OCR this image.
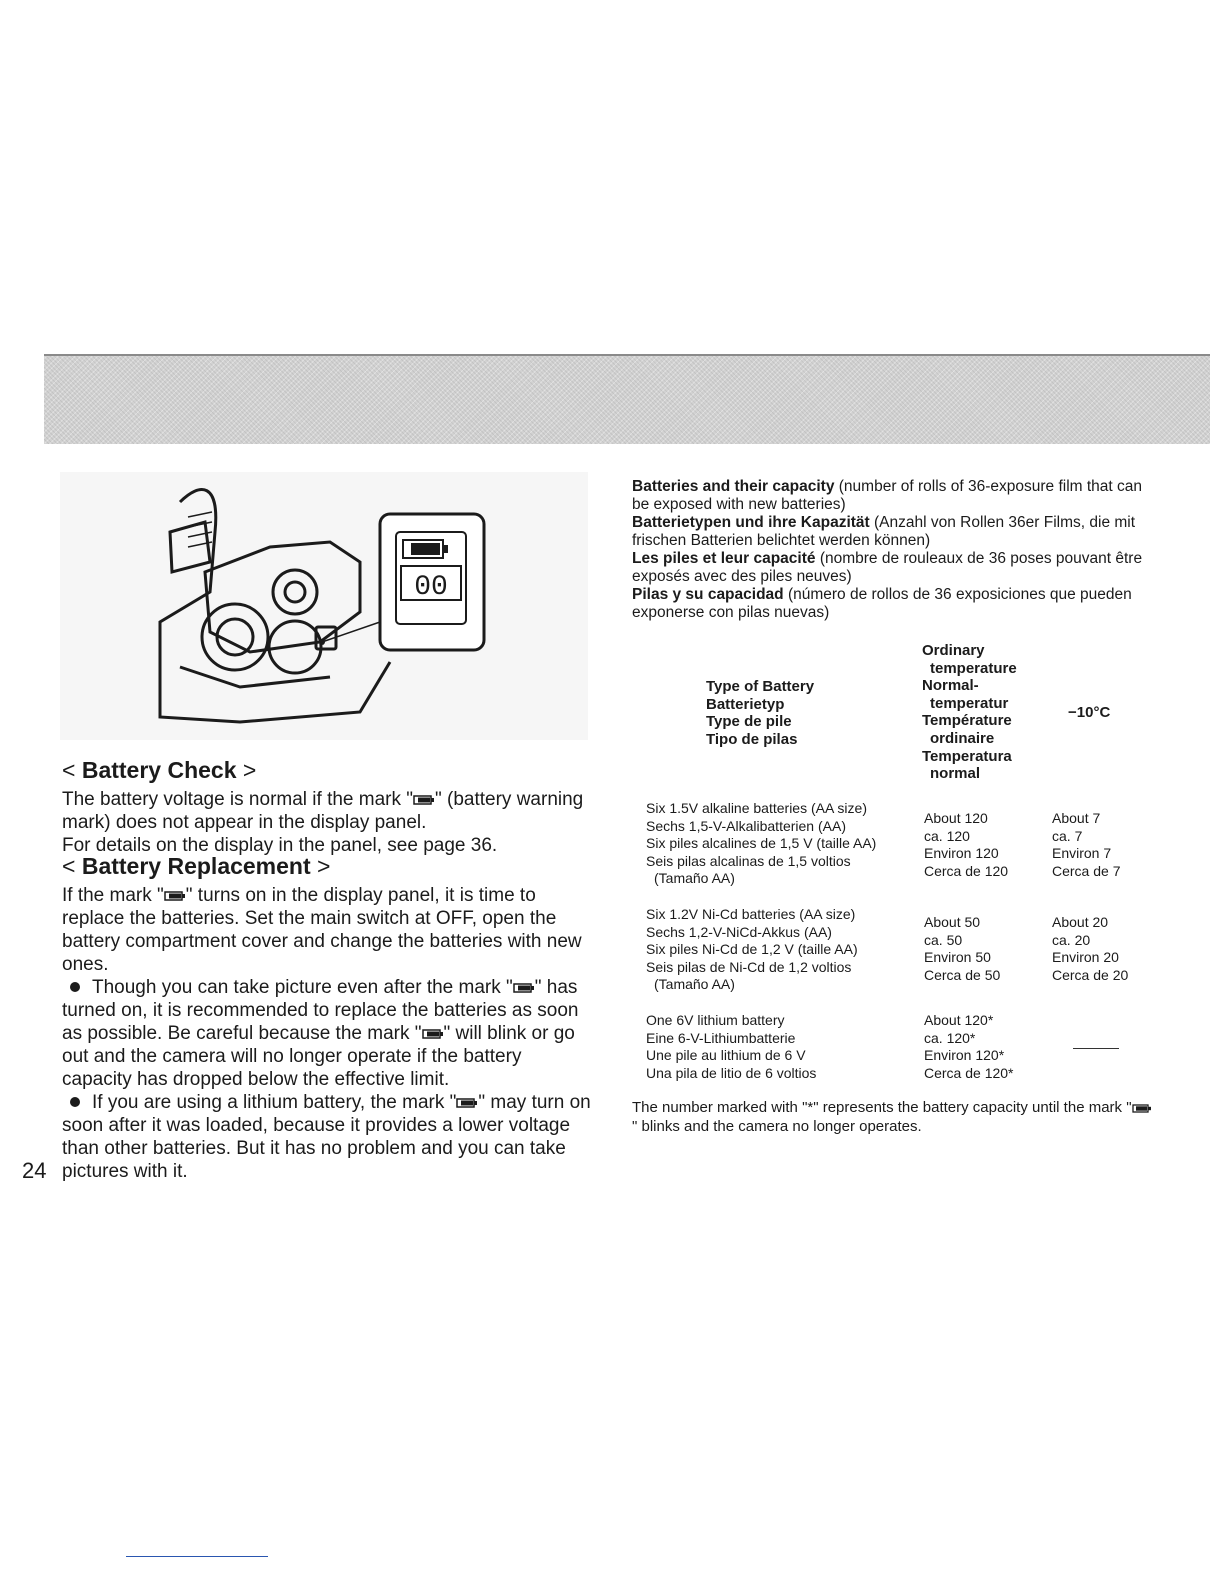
00
< Battery Check >

The battery voltage is normal if the mark " " (battery warning mark) does not appear in the display panel.
For details on the display in the panel, see page 36.

< Battery Replacement >

If the mark " " turns on in the display panel, it is time to replace the batteries. Set the main switch at OFF, open the battery compartment cover and change the batteries with new ones.

Though you can take picture even after the mark " " has turned on, it is recommended to replace the batteries as soon as possible. Be careful because the mark " " will blink or go out and the camera will no longer operate if the battery capacity has dropped below the effective limit.

If you are using a lithium battery, the mark " " may turn on soon after it was loaded, because it provides a lower voltage than other batteries. But it has no problem and you can take pictures with it.

24
Batteries and their capacity (number of rolls of 36-exposure film that can be exposed with new batteries)
Batterietypen und ihre Kapazität (Anzahl von Rollen 36er Films, die mit frischen Batterien belichtet werden können)
Les piles et leur capacité (nombre de rouleaux de 36 poses pouvant être exposés avec des piles neuves)
Pilas y su capacidad (número de rollos de 36 exposiciones que pueden exponerse con pilas nuevas)
Type of Battery
Batterietyp
Type de pile
Tipo de pilas
Ordinary
temperature
Normal-
temperatur
Température
ordinaire
Temperatura
normal
−10°C
Six 1.5V alkaline batteries (AA size)
Sechs 1,5-V-Alkalibatterien (AA)
Six piles alcalines de 1,5 V (taille AA)
Seis pilas alcalinas de 1,5 voltios
(Tamaño AA)
About 120
ca. 120
Environ 120
Cerca de 120
About 7
ca. 7
Environ 7
Cerca de 7
Six 1.2V Ni-Cd batteries (AA size)
Sechs 1,2-V-NiCd-Akkus (AA)
Six piles Ni-Cd de 1,2 V (taille AA)
Seis pilas de Ni-Cd de 1,2 voltios
(Tamaño AA)
About 50
ca. 50
Environ 50
Cerca de 50
About 20
ca. 20
Environ 20
Cerca de 20
One 6V lithium battery
Eine 6-V-Lithiumbatterie
Une pile au lithium de 6 V
Una pila de litio de 6 voltios
About 120*
ca. 120*
Environ 120*
Cerca de 120*
The number marked with "*" represents the battery capacity until the mark "" blinks and the camera no longer operates.
